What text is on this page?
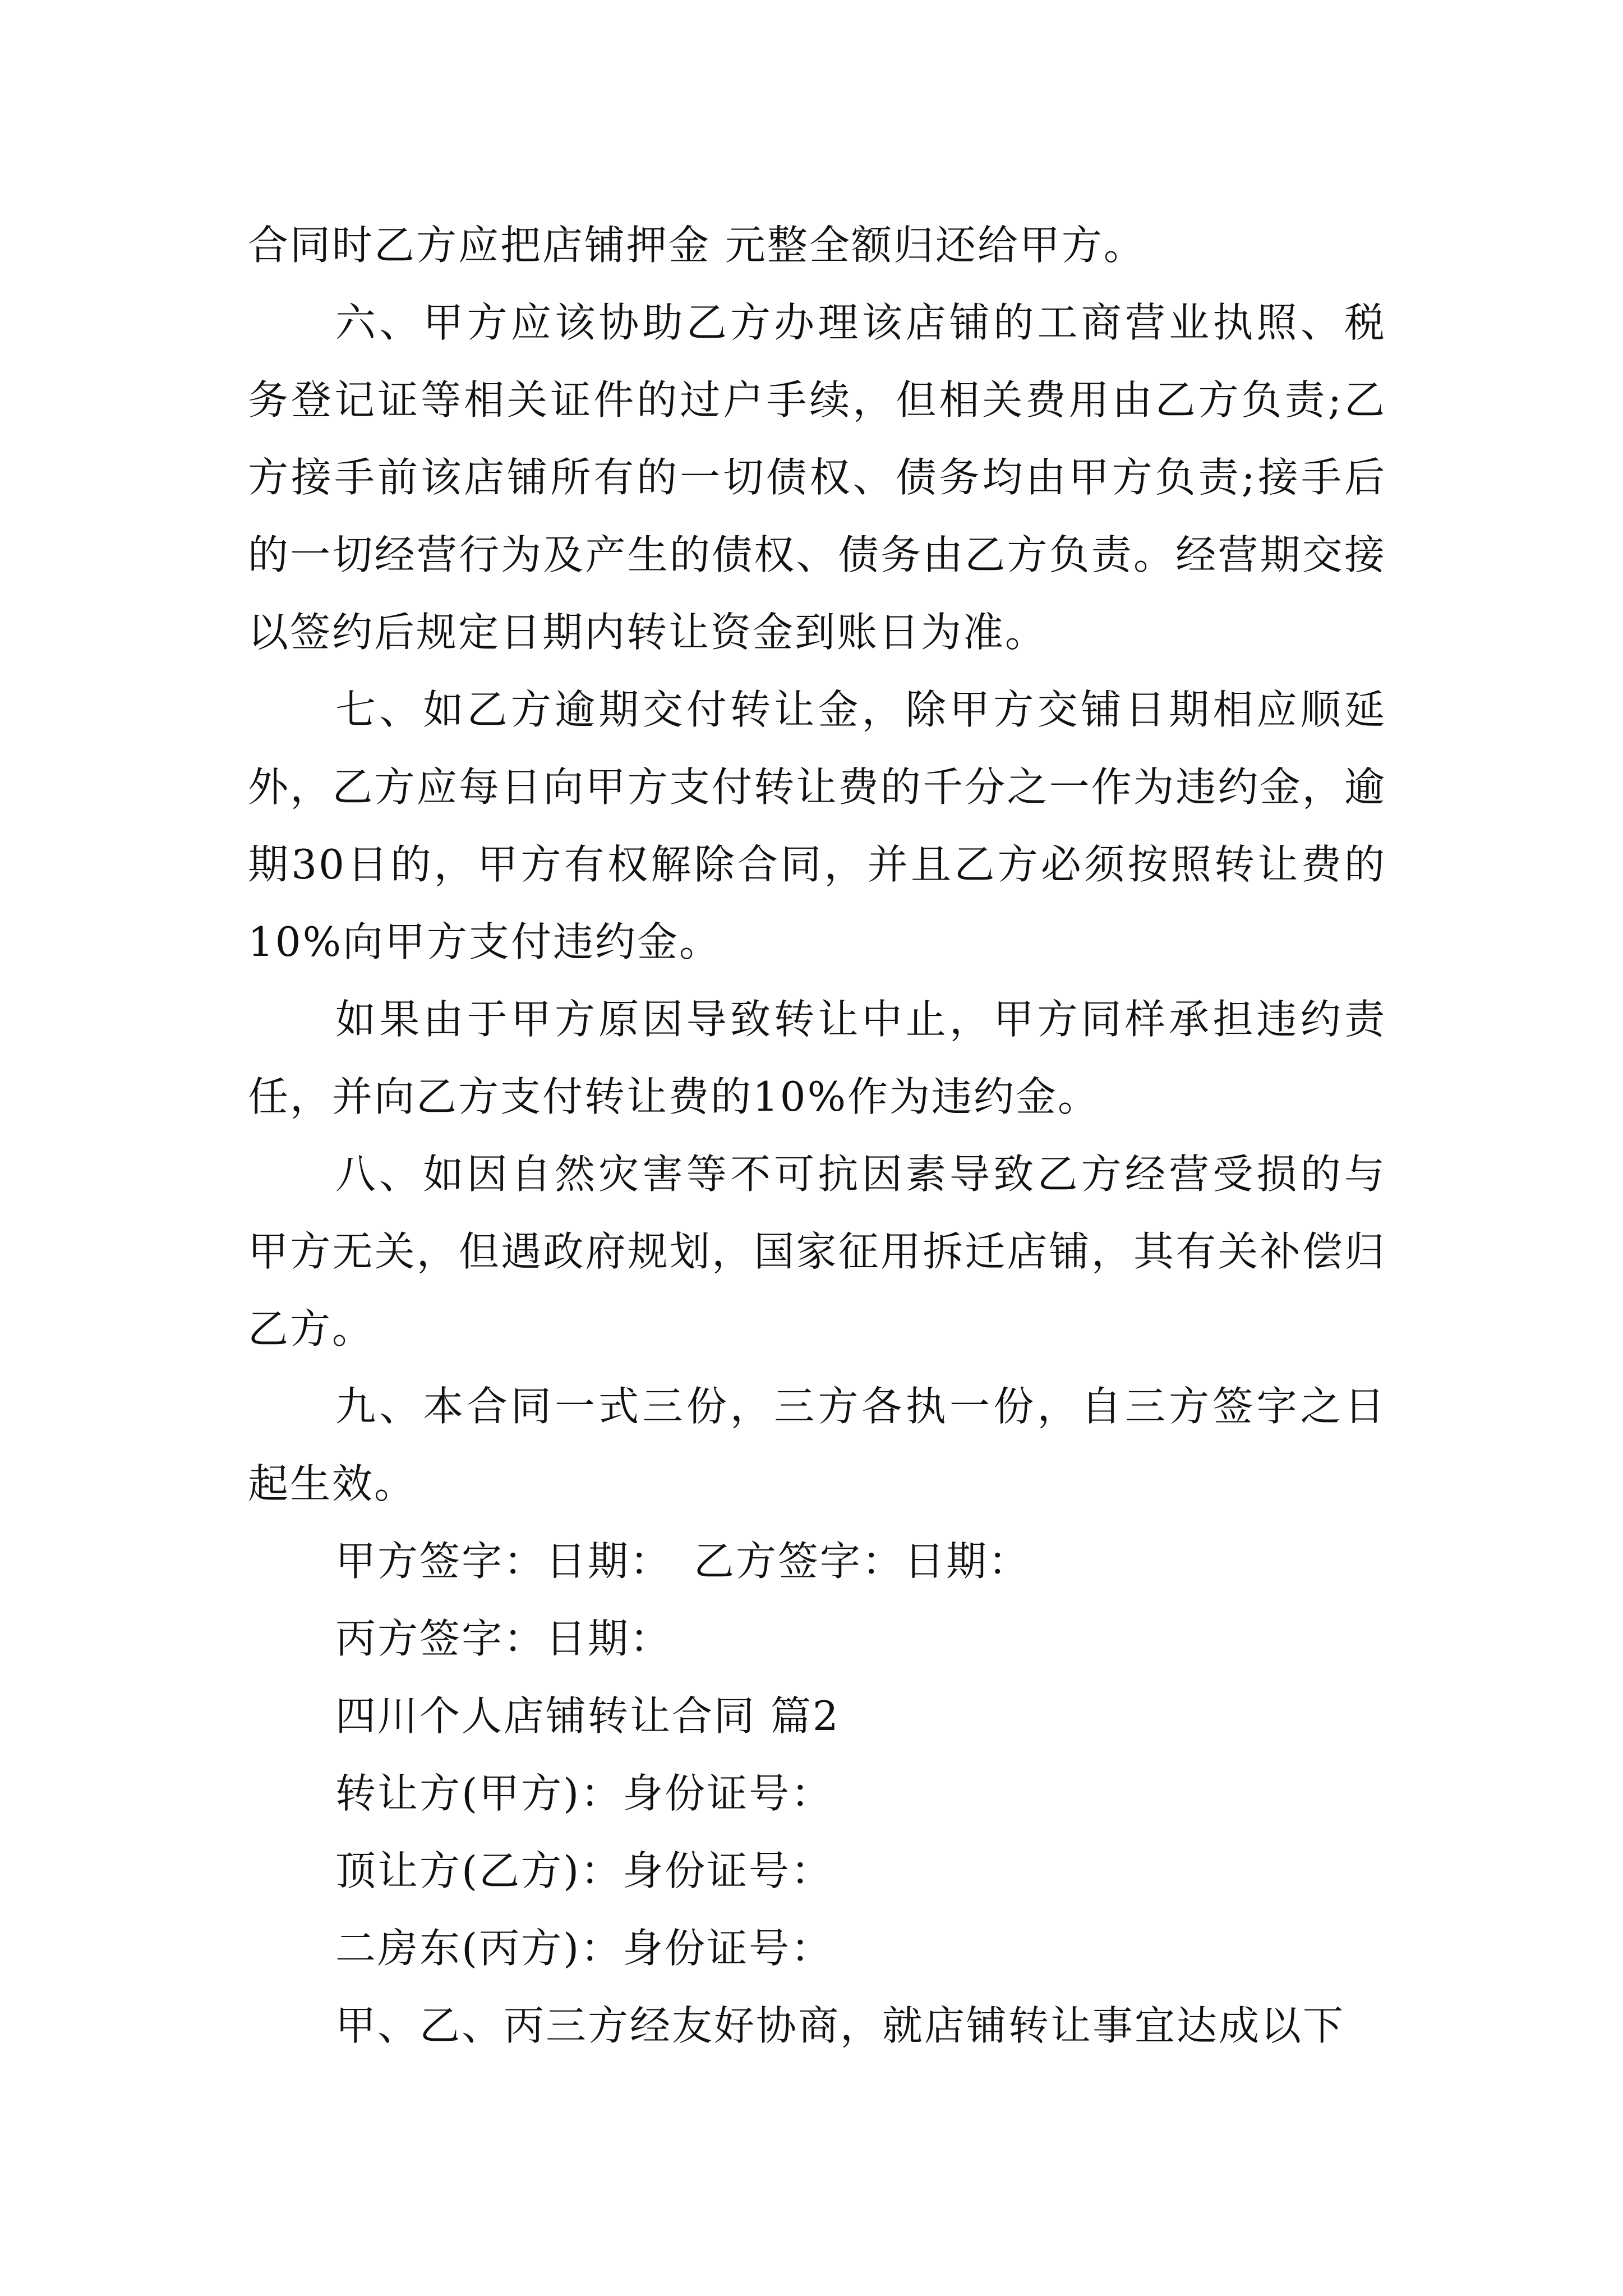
合同时乙方应把店铺押金 元整全额归还给甲方。

六、甲方应该协助乙方办理该店铺的工商营业执照、税务登记证等相关证件的过户手续，但相关费用由乙方负责;乙方接手前该店铺所有的一切债权、债务均由甲方负责;接手后的一切经营行为及产生的债权、债务由乙方负责。经营期交接以签约后规定日期内转让资金到账日为准。

七、如乙方逾期交付转让金，除甲方交铺日期相应顺延外，乙方应每日向甲方支付转让费的千分之一作为违约金，逾期30日的，甲方有权解除合同，并且乙方必须按照转让费的10%向甲方支付违约金。

如果由于甲方原因导致转让中止，甲方同样承担违约责任，并向乙方支付转让费的10%作为违约金。

八、如因自然灾害等不可抗因素导致乙方经营受损的与甲方无关，但遇政府规划，国家征用拆迁店铺，其有关补偿归乙方。

九、本合同一式三份，三方各执一份，自三方签字之日起生效。

甲方签字：日期：　乙方签字：日期：

丙方签字：日期：

四川个人店铺转让合同 篇2

转让方(甲方)：身份证号：

顶让方(乙方)：身份证号：

二房东(丙方)：身份证号：

甲、乙、丙三方经友好协商，就店铺转让事宜达成以下
